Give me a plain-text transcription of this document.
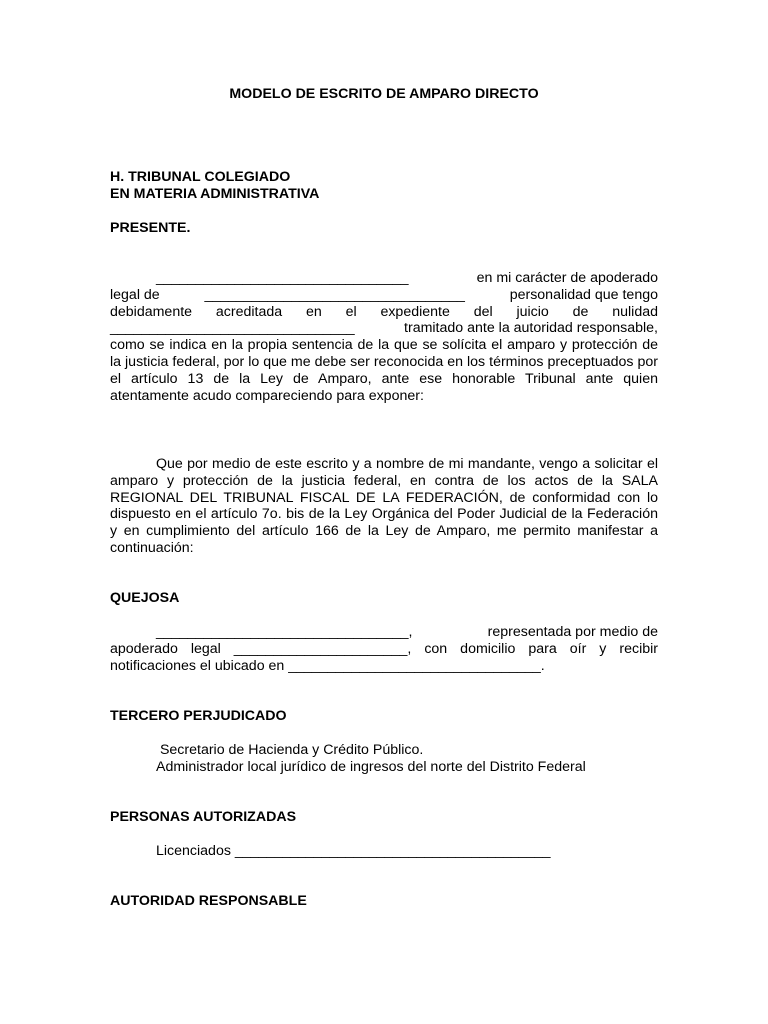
MODELO DE ESCRITO DE AMPARO DIRECTO
H. TRIBUNAL COLEGIADO
EN MATERIA ADMINISTRATIVA
PRESENTE.
________________________________	en mi carácter de apoderado
legal de	_________________________________	personalidad que tengo
debidamente acreditada en el expediente del juicio de nulidad
_______________________________	tramitado ante la autoridad responsable,
como se indica en la propia sentencia de la que se solícita el amparo y protección de la justicia federal, por lo que me debe ser reconocida en los términos preceptuados por el artículo 13 de la Ley de Amparo, ante ese honorable Tribunal ante quien atentamente acudo compareciendo para exponer:

Que por medio de este escrito y a nombre de mi mandante, vengo a solicitar el amparo y protección de la justicia federal, en contra de los actos de la SALA REGIONAL DEL TRIBUNAL FISCAL DE LA FEDERACIÓN, de conformidad con lo dispuesto en el artículo 7o. bis de la Ley Orgánica del Poder Judicial de la Federación y en cumplimiento del artículo 166 de la Ley de Amparo, me permito manifestar a continuación:

QUEJOSA
________________________________,	representada por medio de
apoderado legal ______________________, con domicilio para oír y recibir
notificaciones el ubicado en ________________________________.
TERCERO PERJUDICADO
Secretario de Hacienda y Crédito Público.
Administrador local jurídico de ingresos del norte del Distrito Federal
PERSONAS AUTORIZADAS
Licenciados ________________________________________
AUTORIDAD RESPONSABLE
